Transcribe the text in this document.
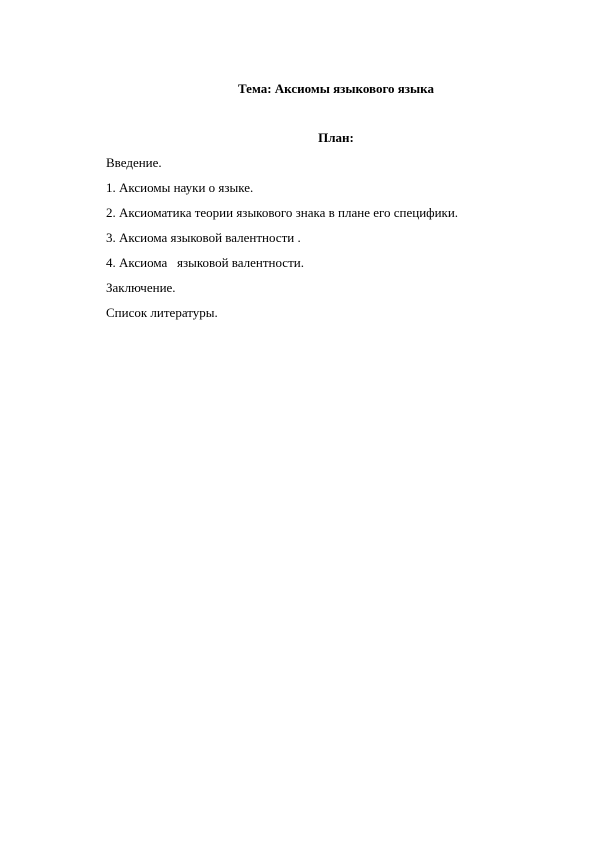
Тема: Аксиомы языкового языка
План:
Введение.
1. Аксиомы науки о языке.
2. Аксиоматика теории языкового знака в плане его специфики.
3. Аксиома языковой валентности .
4. Аксиома   языковой валентности.
Заключение.
Список литературы.
